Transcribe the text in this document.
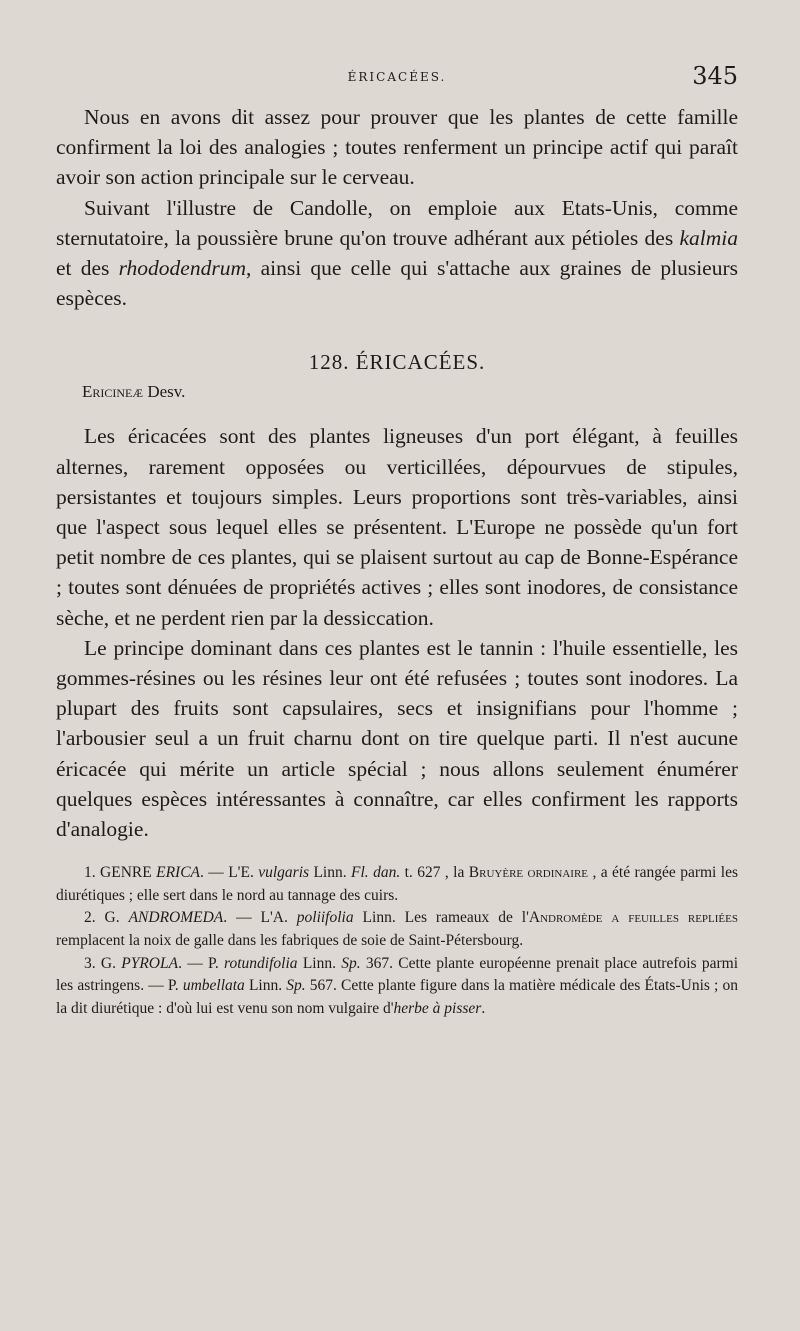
ÉRICACÉES.	345

Nous en avons dit assez pour prouver que les plantes de cette famille confirment la loi des analogies ; toutes renferment un principe actif qui paraît avoir son action principale sur le cerveau.

Suivant l'illustre de Candolle, on emploie aux Etats-Unis, comme sternutatoire, la poussière brune qu'on trouve adhérant aux pétioles des kalmia et des rhododendrum, ainsi que celle qui s'attache aux graines de plusieurs espèces.

128. ÉRICACÉES.
Ericineæ Desv.

Les éricacées sont des plantes ligneuses d'un port élégant, à feuilles alternes, rarement opposées ou verticillées, dépourvues de stipules, persistantes et toujours simples. Leurs proportions sont très-variables, ainsi que l'aspect sous lequel elles se présentent. L'Europe ne possède qu'un fort petit nombre de ces plantes, qui se plaisent surtout au cap de Bonne-Espérance ; toutes sont dénuées de propriétés actives ; elles sont inodores, de consistance sèche, et ne perdent rien par la dessiccation.

Le principe dominant dans ces plantes est le tannin : l'huile essentielle, les gommes-résines ou les résines leur ont été refusées ; toutes sont inodores. La plupart des fruits sont capsulaires, secs et insignifians pour l'homme ; l'arbousier seul a un fruit charnu dont on tire quelque parti. Il n'est aucune éricacée qui mérite un article spécial ; nous allons seulement énumérer quelques espèces intéressantes à connaître, car elles confirment les rapports d'analogie.

1. GENRE ERICA. — L'E. vulgaris Linn. Fl. dan. t. 627 , la Bruyère ordinaire , a été rangée parmi les diurétiques ; elle sert dans le nord au tannage des cuirs.

2. G. ANDROMEDA. — L'A. poliifolia Linn. Les rameaux de l'Andromède a feuilles repliées remplacent la noix de galle dans les fabriques de soie de Saint-Pétersbourg.

3. G. PYROLA. — P. rotundifolia Linn. Sp. 367. Cette plante européenne prenait place autrefois parmi les astringens. — P. umbellata Linn. Sp. 567. Cette plante figure dans la matière médicale des États-Unis ; on la dit diurétique : d'où lui est venu son nom vulgaire d'herbe à pisser.
